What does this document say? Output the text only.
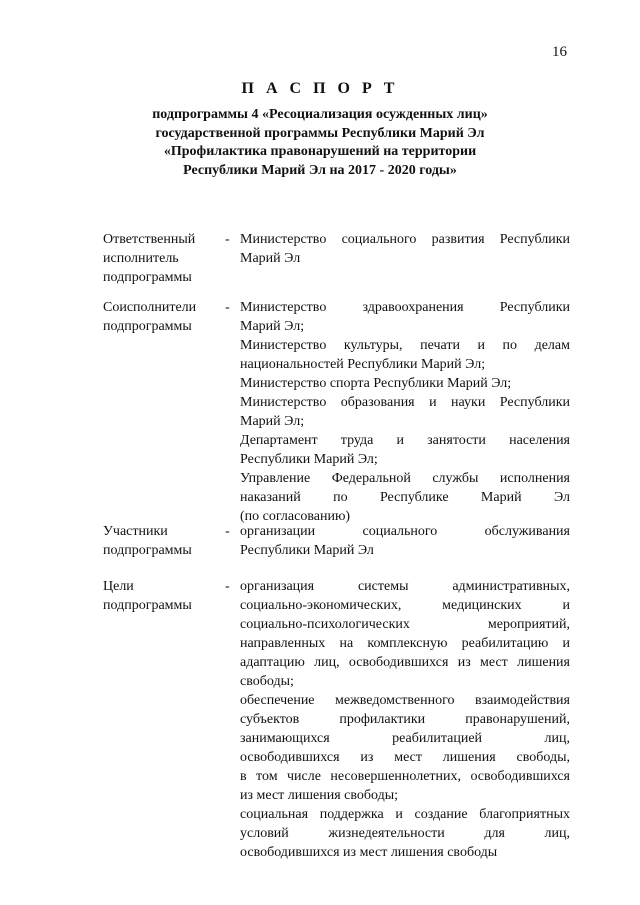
16
П А С П О Р Т
подпрограммы 4 «Ресоциализация осужденных лиц»
государственной программы Республики Марий Эл
«Профилактика правонарушений на территории
Республики Марий Эл на 2017 - 2020 годы»
Ответственный
исполнитель
подпрограммы
- Министерство социального развития Республики
Марий Эл
Соисполнители
подпрограммы
- Министерство здравоохранения Республики
Марий Эл;
Министерство культуры, печати и по делам
национальностей Республики Марий Эл;
Министерство спорта Республики Марий Эл;
Министерство образования и науки Республики
Марий Эл;
Департамент труда и занятости населения
Республики Марий Эл;
Управление Федеральной службы исполнения
наказаний по Республике Марий Эл
(по согласованию)
Участники
подпрограммы
- организации социального обслуживания
Республики Марий Эл
Цели
подпрограммы
- организация системы административных,
социально-экономических, медицинских и
социально-психологических мероприятий,
направленных на комплексную реабилитацию и
адаптацию лиц, освободившихся из мест лишения
свободы;
обеспечение межведомственного взаимодействия
субъектов профилактики правонарушений,
занимающихся реабилитацией лиц,
освободившихся из мест лишения свободы,
в том числе несовершеннолетних, освободившихся
из мест лишения свободы;
социальная поддержка и создание благоприятных
условий жизнедеятельности для лиц,
освободившихся из мест лишения свободы
